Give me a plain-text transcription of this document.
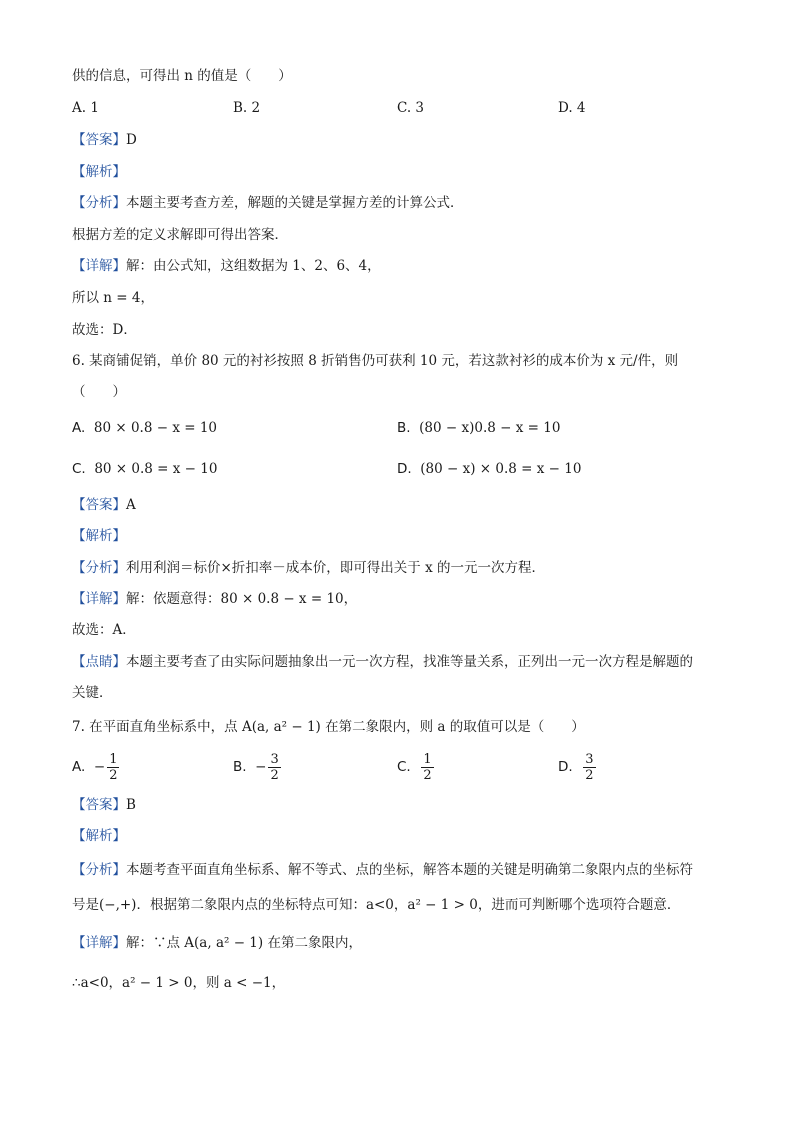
供的信息，可得出 n 的值是（　　）
A. 1	B. 2	C. 3	D. 4
【答案】D
【解析】
【分析】本题主要考查方差，解题的关键是掌握方差的计算公式．
根据方差的定义求解即可得出答案．
【详解】解：由公式知，这组数据为 1、2、6、4，
所以 n = 4，
故选：D．
6. 某商铺促销，单价 80 元的衬衫按照 8 折销售仍可获利 10 元，若这款衬衫的成本价为 x 元/件，则
（　　）
A. 80 × 0.8 − x = 10	B. (80 − x)0.8 − x = 10
C. 80 × 0.8 = x − 10	D. (80 − x) × 0.8 = x − 10
【答案】A
【解析】
【分析】利用利润＝标价×折扣率－成本价，即可得出关于 x 的一元一次方程．
【详解】解：依题意得：80 × 0.8 − x = 10，
故选：A．
【点睛】本题主要考查了由实际问题抽象出一元一次方程，找准等量关系，正列出一元一次方程是解题的
关键．
7. 在平面直角坐标系中，点 A(a, a² − 1) 在第二象限内，则 a 的取值可以是（　　）
A. − $\frac{1}{2}$	B. − $\frac{3}{2}$	C. $\frac{1}{2}$	D. $\frac{3}{2}$
【答案】B
【解析】
【分析】本题考查平面直角坐标系、解不等式、点的坐标，解答本题的关键是明确第二象限内点的坐标符
号是(−,+)．根据第二象限内点的坐标特点可知：a<0，a² − 1 > 0，进而可判断哪个选项符合题意．
【详解】解：∵点 A(a, a² − 1) 在第二象限内，
∴a<0，a² − 1 > 0，则 a < −1，
